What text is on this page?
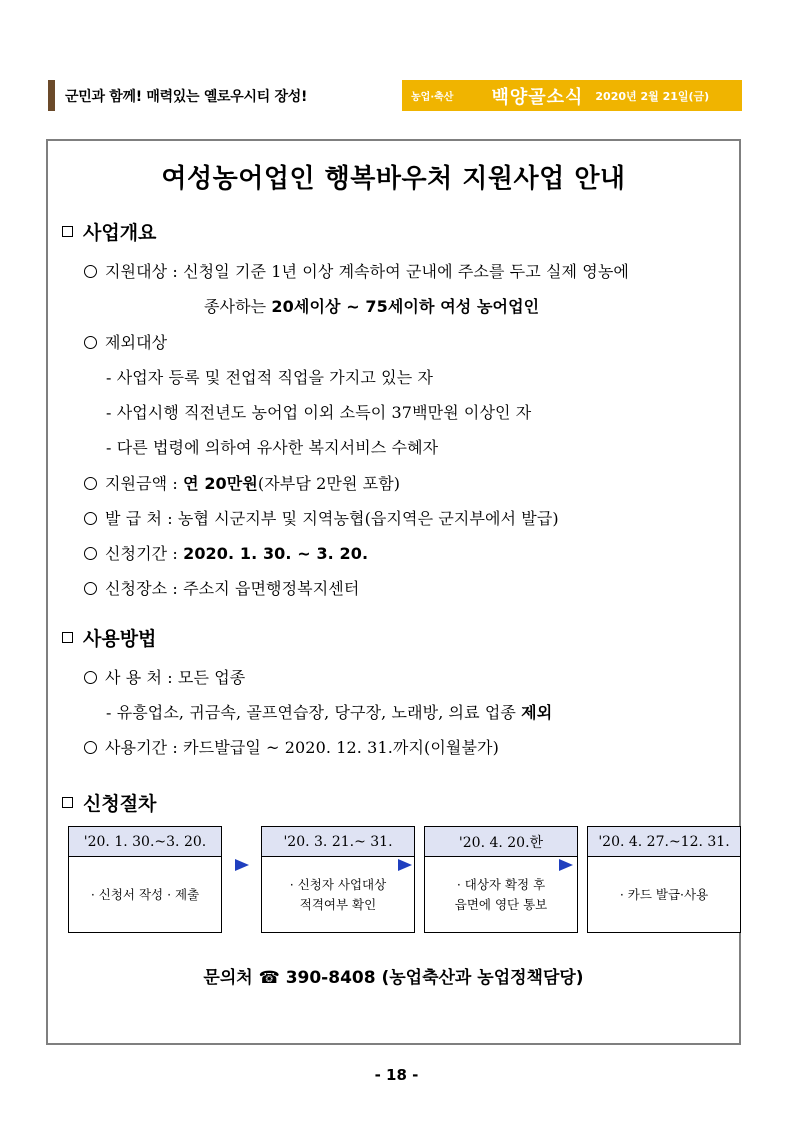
군민과 함께! 매력있는 옐로우시티 장성!	농업·축산 백양골소식 2020년 2월 21일(금)
여성농어업인 행복바우처 지원사업 안내
사업개요
지원대상 : 신청일 기준 1년 이상 계속하여 군내에 주소를 두고 실제 영농에
종사하는 20세이상 ~ 75세이하 여성 농어업인
제외대상
- 사업자 등록 및 전업적 직업을 가지고 있는 자
- 사업시행 직전년도 농어업 이외 소득이 37백만원 이상인 자
- 다른 법령에 의하여 유사한 복지서비스 수혜자
지원금액 : 연 20만원(자부담 2만원 포함)
발 급 처 : 농협 시군지부 및 지역농협(읍지역은 군지부에서 발급)
신청기간 : 2020. 1. 30. ~ 3. 20.
신청장소 : 주소지 읍면행정복지센터
사용방법
사 용 처 : 모든 업종
- 유흥업소, 귀금속, 골프연습장, 당구장, 노래방, 의료 업종 제외
사용기간 : 카드발급일 ~ 2020. 12. 31.까지(이월불가)
신청절차
'20. 1. 30.~3. 20.
· 신청서 작성 · 제출
'20. 3. 21.~ 31.
· 신청자 사업대상
적격여부 확인
'20. 4. 20.한
· 대상자 확정 후
읍면에 영단 통보
'20. 4. 27.~12. 31.
· 카드 발급·사용
문의처 ☎ 390-8408 (농업축산과 농업정책담당)
- 18 -
